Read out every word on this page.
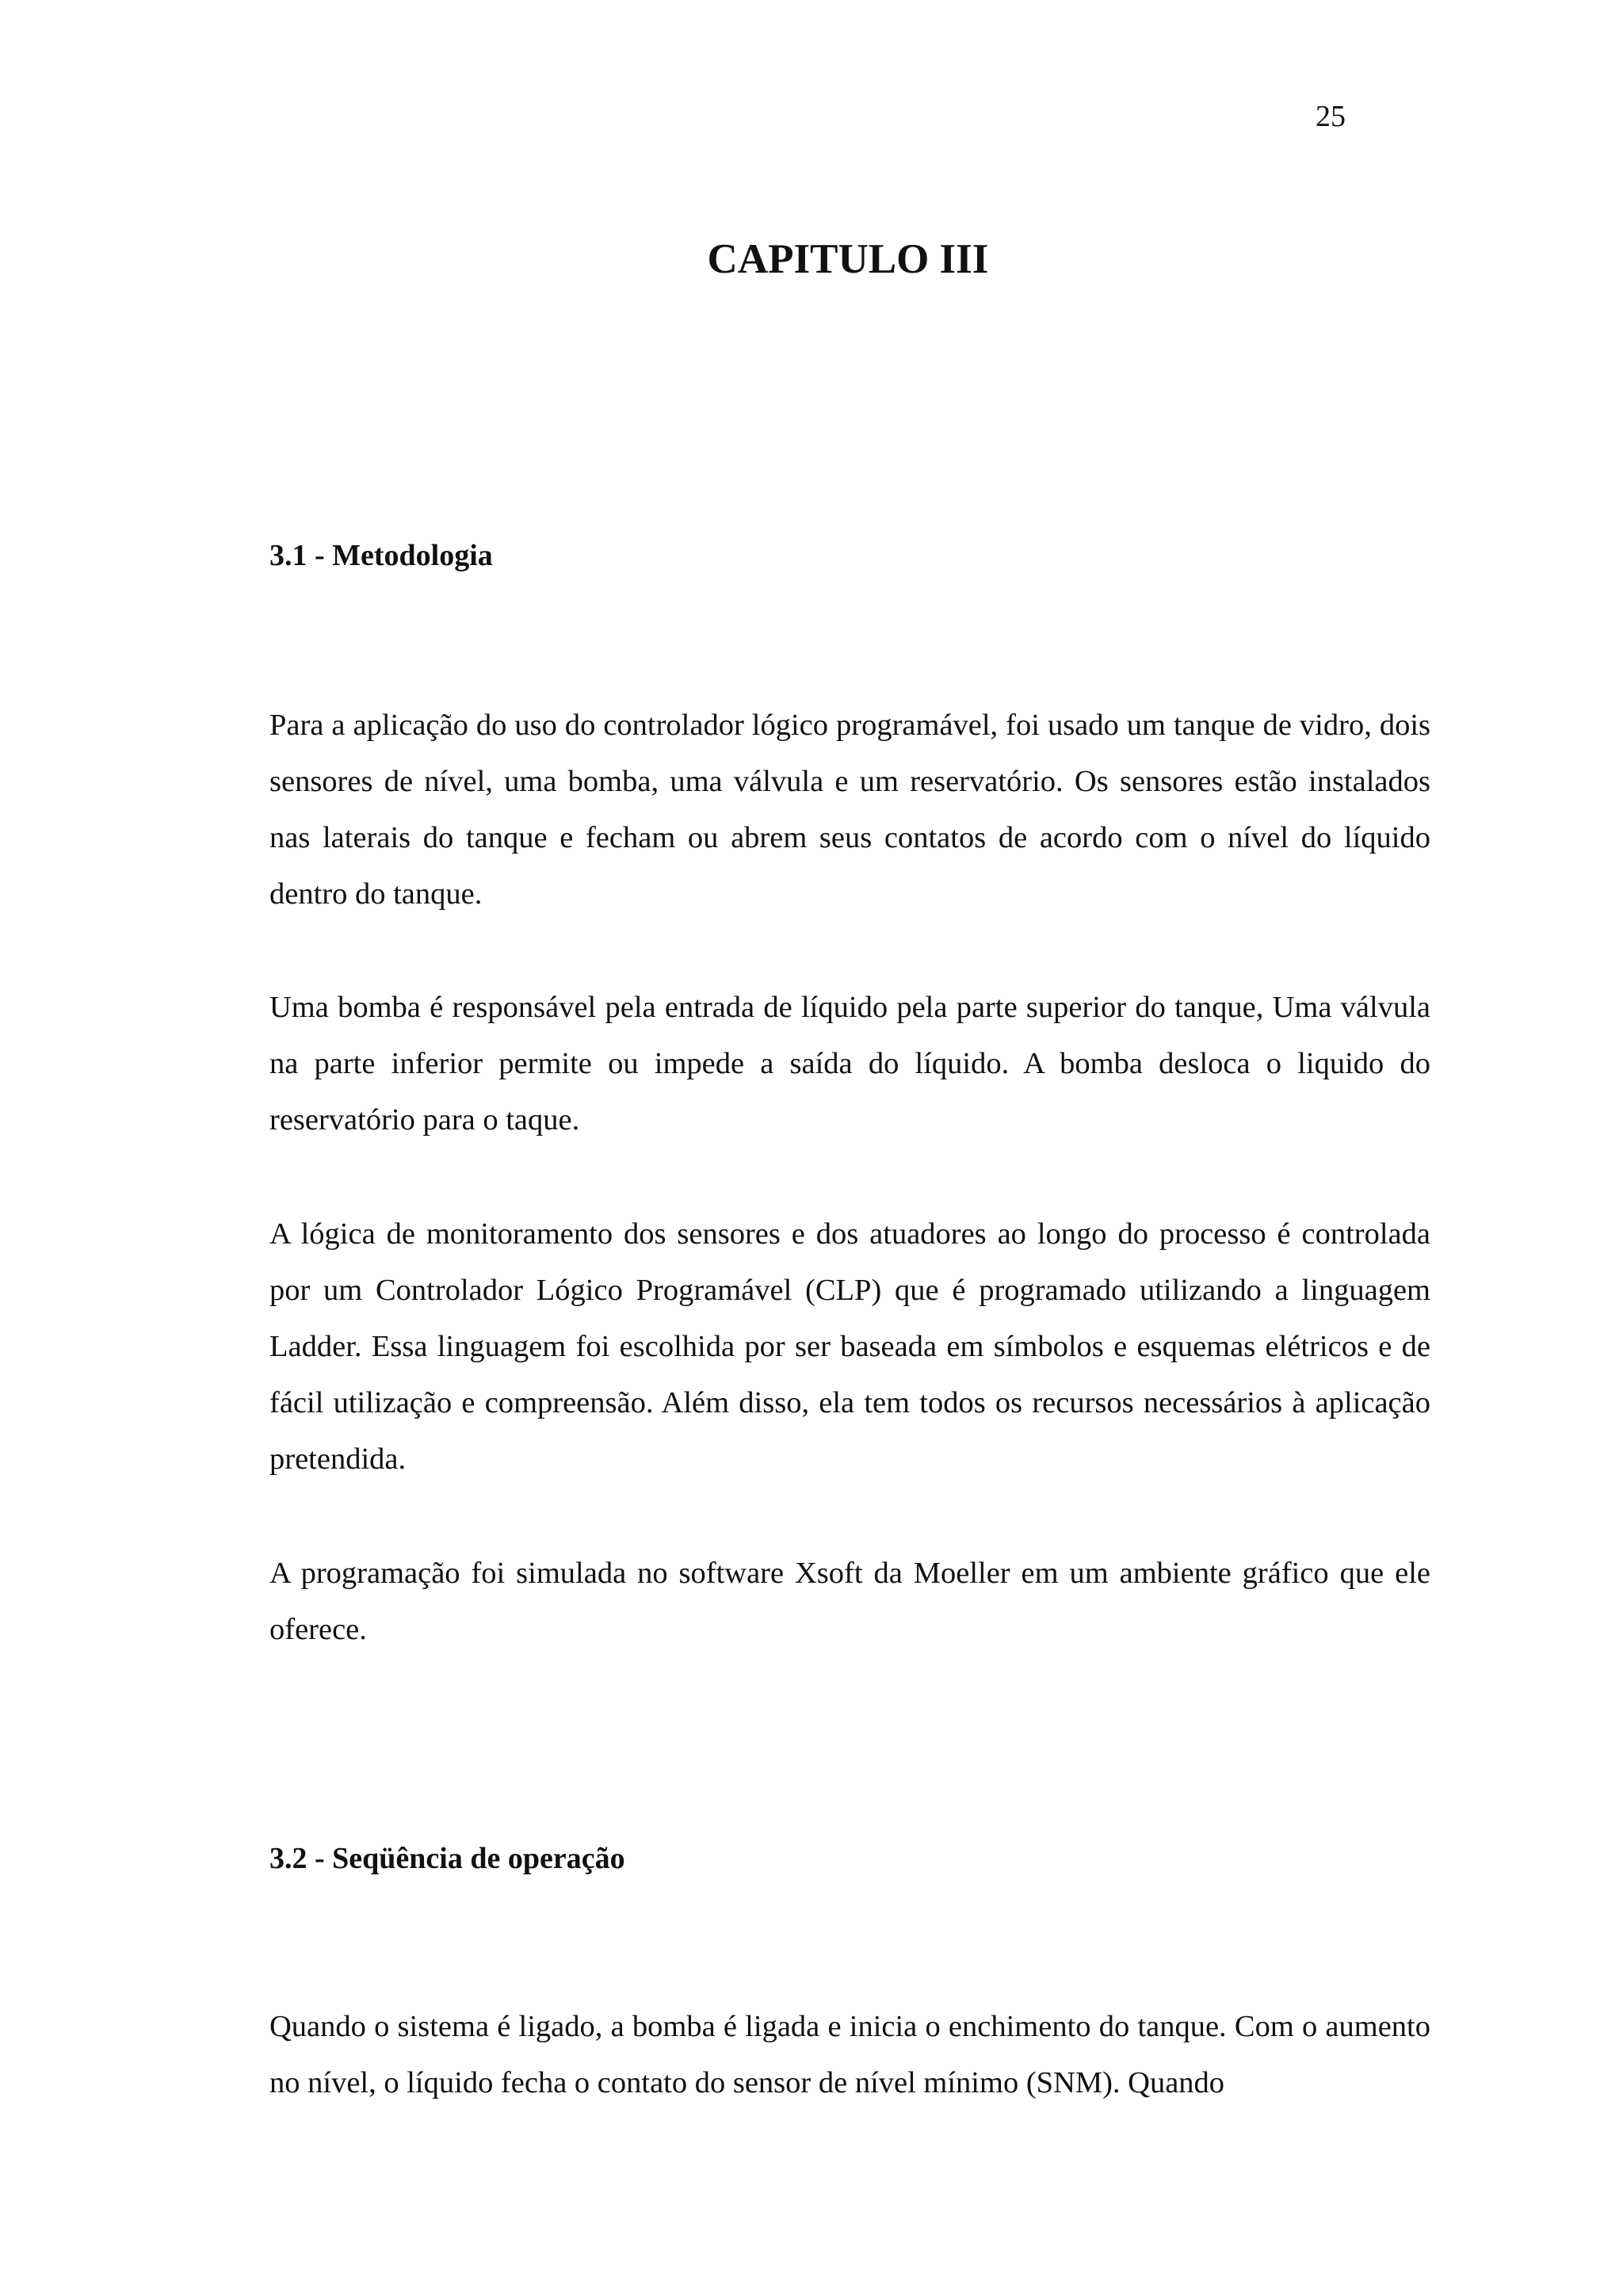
25
CAPITULO III
3.1 - Metodologia

Para a aplicação do uso do controlador lógico programável, foi usado um tanque de vidro, dois sensores de nível, uma bomba, uma válvula e um reservatório. Os sensores estão instalados nas laterais do tanque e fecham ou abrem seus contatos de acordo com o nível do líquido dentro do tanque.

Uma bomba é responsável pela entrada de líquido pela parte superior do tanque, Uma válvula na parte inferior permite ou impede a saída do líquido. A bomba desloca o liquido do reservatório para o taque.

A lógica de monitoramento dos sensores e dos atuadores ao longo do processo é controlada por um Controlador Lógico Programável (CLP) que é programado utilizando a linguagem Ladder. Essa linguagem foi escolhida por ser baseada em símbolos e esquemas elétricos e de fácil utilização e compreensão. Além disso, ela tem todos os recursos necessários à aplicação pretendida.

A programação foi simulada no software Xsoft da Moeller em um ambiente gráfico que ele oferece.

3.2 - Seqüência de operação

Quando o sistema é ligado, a bomba é ligada e inicia o enchimento do tanque. Com o aumento no nível, o líquido fecha o contato do sensor de nível mínimo (SNM). Quando
